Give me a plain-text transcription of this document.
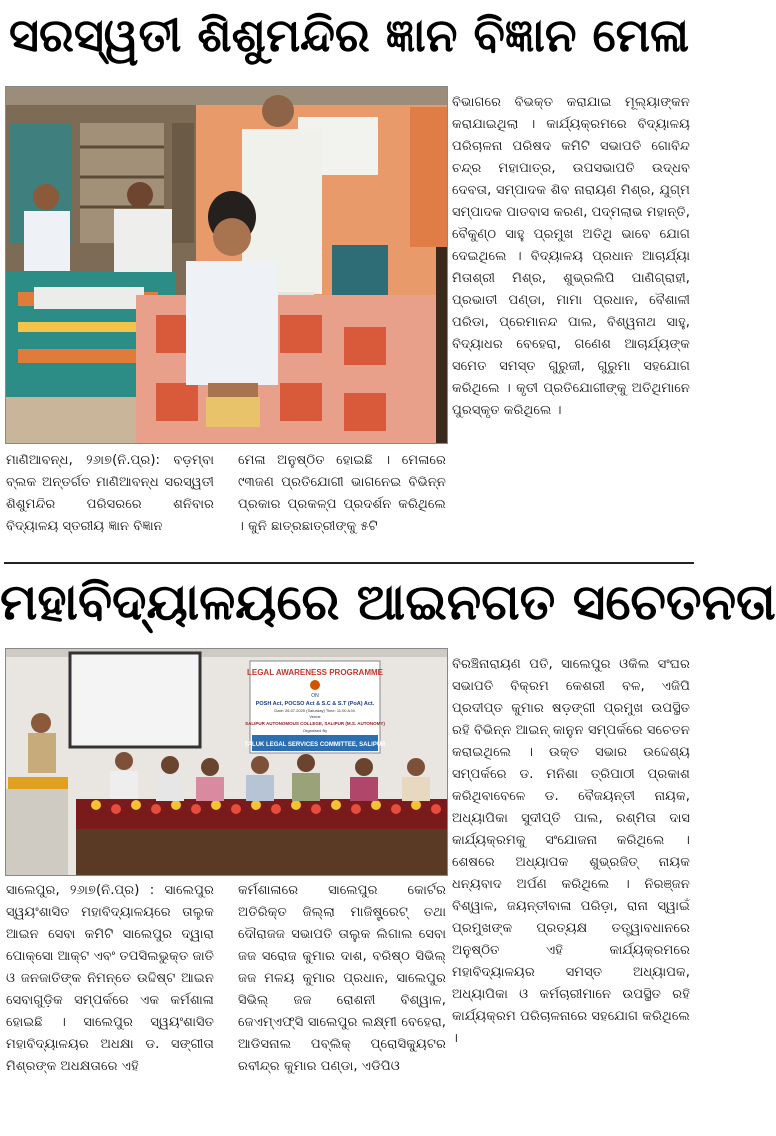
ସରସ୍ୱତୀ ଶିଶୁମନ୍ଦିର ଜ୍ଞାନ ବିଜ୍ଞାନ ମେଳା

ବିଭାଗରେ ବିଭକ୍ତ କରାଯାଇ ମୂଲ୍ୟାଙ୍କନ କରାଯାଇଥିଲା । କାର୍ଯ୍ୟକ୍ରମରେ ବିଦ୍ୟାଳୟ ପରିଚାଳନା ପରିଷଦ କମିଟି ସଭାପତି ଗୋବିନ୍ଦ ଚନ୍ଦ୍ର ମହାପାତ୍ର, ଉପସଭାପତି ଉଦ୍ଧବ ଦେବତା, ସମ୍ପାଦକ ଶିବ ନାରାୟଣ ମିଶ୍ର, ଯୁଗ୍ମ ସମ୍ପାଦକ ପାତବାସ କରଣ, ପଦ୍ମଲାଭ ମହାନ୍ତି, ବୈକୁଣ୍ଠ ସାହୁ ପ୍ରମୁଖ ଅତିଥି ଭାବେ ଯୋଗ ଦେଇଥିଲେ । ବିଦ୍ୟାଳୟ ପ୍ରଧାନ ଆଚାର୍ଯ୍ୟା ମିତାଶ୍ରୀ ମିଶ୍ର, ଶୁଭ୍ରଲିପି ପାଣିଗ୍ରାହୀ, ପ୍ରଭାତୀ ପଣ୍ଡା, ମାମା ପ୍ରଧାନ, ବୈଶାଳୀ ପରିଡା, ପ୍ରେମାନନ୍ଦ ପାଲ, ବିଶ୍ୱନାଥ ସାହୁ, ବିଦ୍ୟାଧର ବେହେରା, ଗଣେଶ ଆଚାର୍ଯ୍ୟଙ୍କ ସମେତ ସମସ୍ତ ଗୁରୁଜୀ, ଗୁରୁମା ସହଯୋଗ କରିଥିଲେ । କୃତୀ ପ୍ରତିଯୋଗୀଙ୍କୁ ଅତିଥିମାନେ ପୁରସ୍କୃତ କରିଥିଲେ ।

ମାଣିଆବନ୍ଧ, ୨୬ା୭(ନି.ପ୍ର): ବଡ଼ମ୍ବା ବ୍ଲକ ଅନ୍ତର୍ଗତ ମାଣିଆବନ୍ଧ ସରସ୍ୱତୀ ଶିଶୁମନ୍ଦିର ପରିସରରେ ଶନିବାର ବିଦ୍ୟାଳୟ ସ୍ତରୀୟ ଜ୍ଞାନ ବିଜ୍ଞାନ

ମେଳା ଅନୁଷ୍ଠିତ ହୋଇଛି । ମେଳାରେ ୯୩ଜଣ ପ୍ରତିଯୋଗୀ ଭାଗନେଇ ବିଭିନ୍ନ ପ୍ରକାର ପ୍ରକଳ୍ପ ପ୍ରଦର୍ଶନ କରିଥିଲେ । କୁନି ଛାତ୍ରଛାତ୍ରୀଙ୍କୁ ୫ଟି

ମହାବିଦ୍ୟାଳୟରେ ଆଇନଗତ ସଚେତନତା
LEGAL AWARENESS PROGRAMME
ON
POSH Act, POCSO Act & S.C & S.T (PoA) Act.
Date: 26.07.2025 (Saturday) Time: 11:00 A.M.
Venue
SALIPUR AUTONOMOUS COLLEGE, SALIPUR (M.S. AUTONOMY)
Organised By
TALUK LEGAL SERVICES COMMITTEE, SALIPUR

ବିରଞ୍ଚିନାରାୟଣ ପତି, ସାଲେପୁର ଓକିଲ ସଂଘର ସଭାପତି ବିକ୍ରମ କେଶରୀ ବଳ, ଏଜିପି ପ୍ରଦୀପ୍ତ କୁମାର ଷଡ଼ଙ୍ଗୀ ପ୍ରମୁଖ ଉପସ୍ଥିତ ରହି ବିଭିନ୍ନ ଆଇନ୍ କାନୁନ ସମ୍ପର୍କରେ ସଚେତନ କରାଇଥିଲେ । ଉକ୍ତ ସଭାର ଉଦ୍ଦେଶ୍ୟ ସମ୍ପର୍କରେ ଡ. ମନିଶା ତ୍ରିପାଠୀ ପ୍ରକାଶ କରିଥିବାବେଳେ ଡ. ବୈଜୟନ୍ତୀ ନାୟକ, ଅଧ୍ୟାପିକା ସୁଦୀପ୍ତି ପାଲ, ରଶ୍ମିତା ଦାସ କାର୍ଯ୍ୟକ୍ରମକୁ ସଂଯୋଜନା କରିଥିଲେ । ଶେଷରେ ଅଧ୍ୟାପକ ଶୁଭ୍ରଜିତ୍ ନାୟକ ଧନ୍ୟବାଦ ଅର୍ପଣ କରିଥିଲେ । ନିରଞ୍ଜନ ବିଶ୍ୱାଳ, ଜୟନ୍ତୀବାଳା ପରିଡ଼ା, ରାନା ସ୍ୱାଇଁ ପ୍ରମୁଖଙ୍କ ପ୍ରତ୍ୟକ୍ଷ ତତ୍ତ୍ୱାବଧାନରେ ଅନୁଷ୍ଠିତ ଏହି କାର୍ଯ୍ୟକ୍ରମରେ ମହାବିଦ୍ୟାଳୟର ସମସ୍ତ ଅଧ୍ୟାପକ, ଅଧ୍ୟାପିକା ଓ କର୍ମଚାରୀମାନେ ଉପସ୍ଥିତ ରହି କାର୍ଯ୍ୟକ୍ରମ ପରିଚାଳନାରେ ସହଯୋଗ କରିଥିଲେ ।

ସାଲେପୁର, ୨୬ା୭(ନି.ପ୍ର) : ସାଲେପୁର ସ୍ୱୟଂଶାସିତ ମହାବିଦ୍ୟାଳୟରେ ତାଲୁକ ଆଇନ ସେବା କମିଟି ସାଲେପୁର ଦ୍ୱାରା ପୋକ୍ସୋ ଆକ୍ଟ ଏବଂ ତପସିଲଭୁକ୍ତ ଜାତି ଓ ଜନଜାତିଙ୍କ ନିମନ୍ତେ ଉଦ୍ଦିଷ୍ଟ ଆଇନ ସେବାଗୁଡ଼ିକ ସମ୍ପର୍କରେ ଏକ କର୍ମଶାଳା ହୋଇଛି । ସାଲେପୁର ସ୍ୱୟଂଶାସିତ ମହାବିଦ୍ୟାଳୟର ଅଧକ୍ଷା ଡ. ସଙ୍ଗୀତା ମିଶ୍ରଙ୍କ ଅଧକ୍ଷତାରେ ଏହି

କର୍ମଶାଳାରେ ସାଲେପୁର କୋର୍ଟର ଅତିରିକ୍ତ ଜିଲ୍ଲା ମାଜିଷ୍ଟ୍ରେଟ୍ ତଥା ଦୌରାଜଜ ସଭାପତି ତାଲୁକ ଲିଗାଲ ସେବା ଜଜ ସରୋଜ କୁମାର ଦାଶ, ବରିଷ୍ଠ ସିଭିଲ୍ ଜଜ ମଳୟ କୁମାର ପ୍ରଧାନ, ସାଲେପୁର ସିଭିଲ୍ ଜଜ ରୋଶନୀ ବିଶ୍ୱାଳ, ଜେଏମ୍ଏଫ୍‌ସି ସାଲେପୁର ଲକ୍ଷ୍ମୀ ବେହେରା, ଆଡିସନାଲ ପବ୍ଲିକ୍ ପ୍ରୋସିକ୍ୟୁଟର ରବୀନ୍ଦ୍ର କୁମାର ପଣ୍ଡା, ଏଡିପିଓ
